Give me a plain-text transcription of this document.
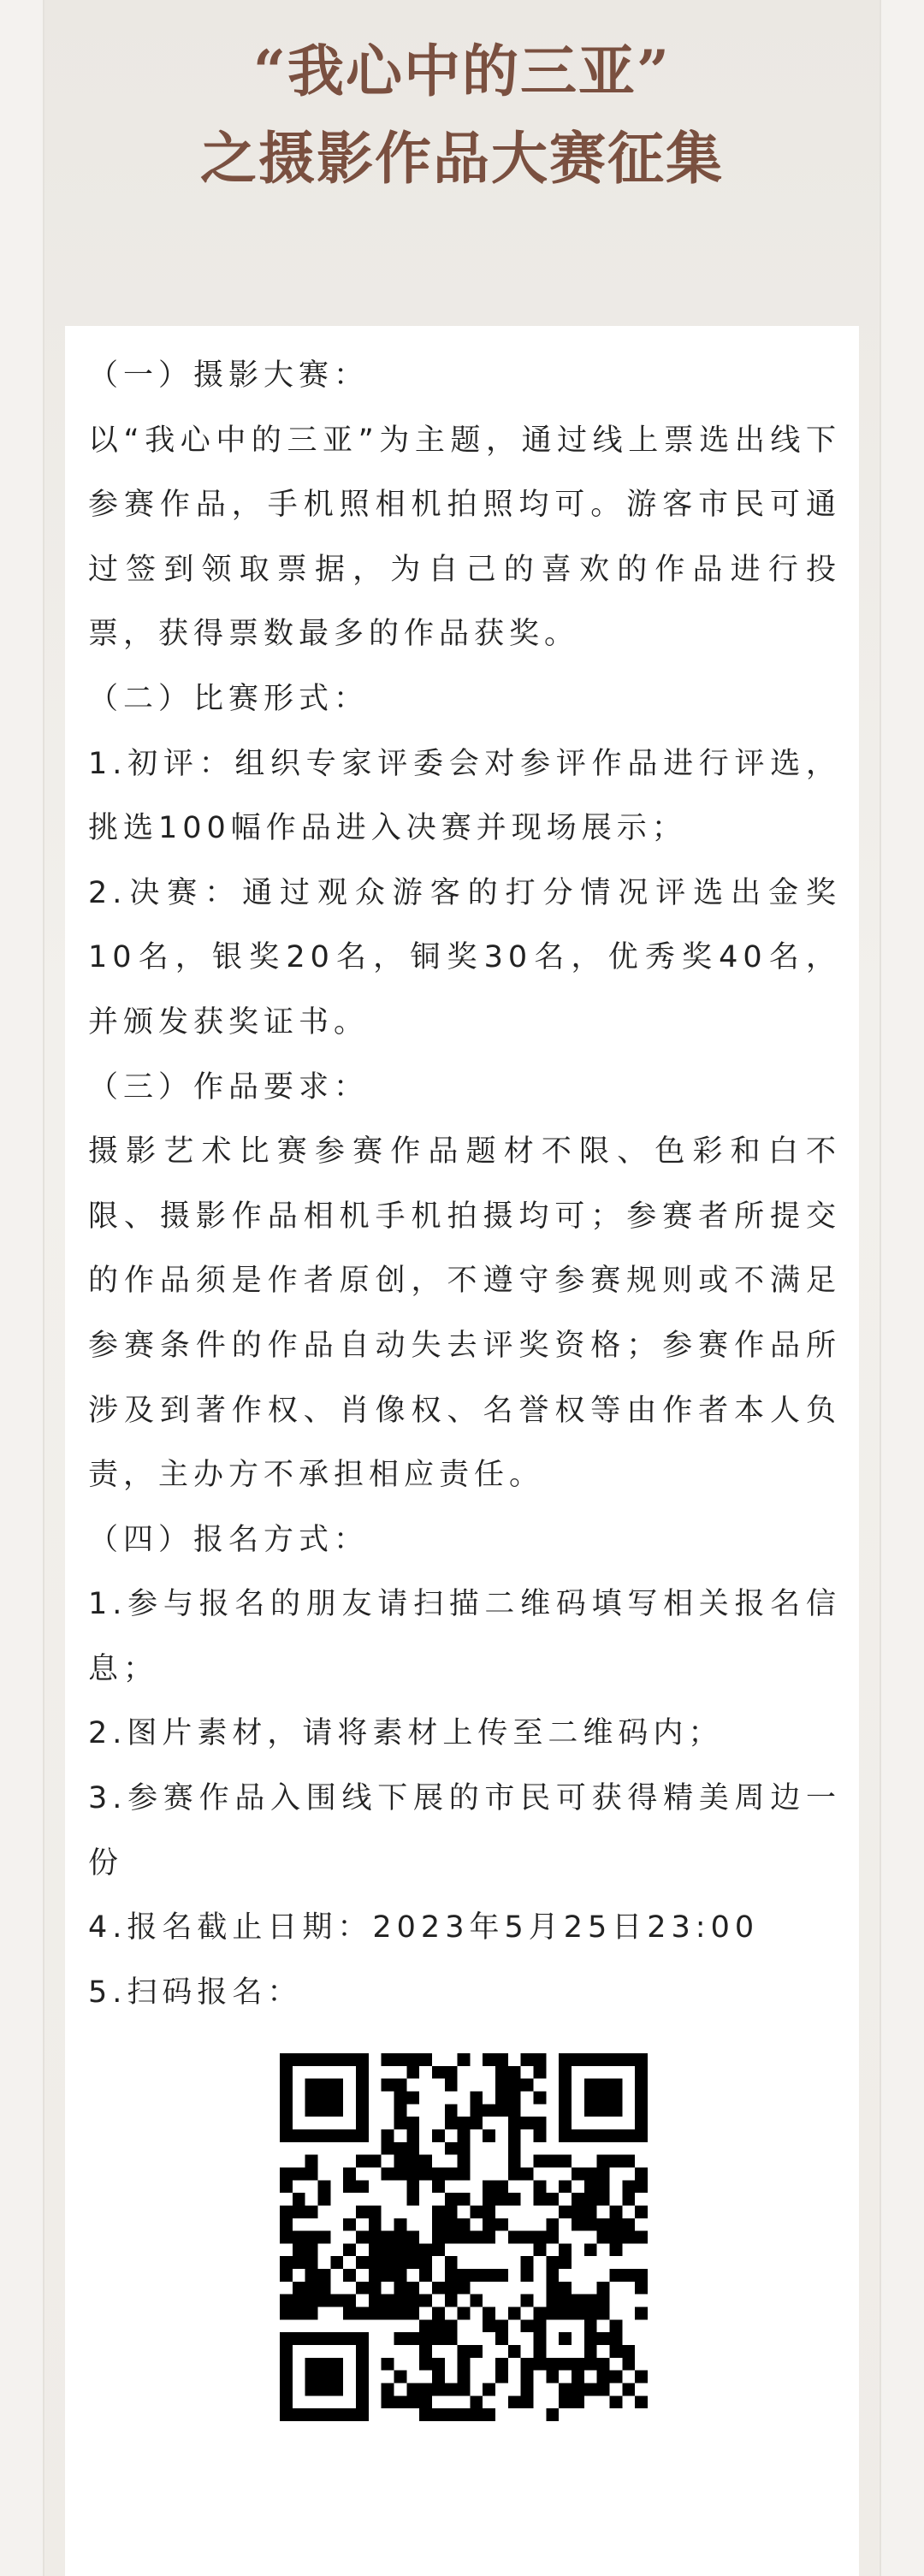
“我心中的三亚”
之摄影作品大赛征集

（一）摄影大赛：

以“我心中的三亚”为主题，通过线上票选出线下参赛作品，手机照相机拍照均可。游客市民可通过签到领取票据，为自己的喜欢的作品进行投票，获得票数最多的作品获奖。

（二）比赛形式：

1.初评：组织专家评委会对参评作品进行评选，挑选100幅作品进入决赛并现场展示；

2.决赛：通过观众游客的打分情况评选出金奖10名，银奖20名，铜奖30名，优秀奖40名，并颁发获奖证书。

（三）作品要求：

摄影艺术比赛参赛作品题材不限、色彩和白不限、摄影作品相机手机拍摄均可；参赛者所提交的作品须是作者原创，不遵守参赛规则或不满足参赛条件的作品自动失去评奖资格；参赛作品所涉及到著作权、肖像权、名誉权等由作者本人负责，主办方不承担相应责任。

（四）报名方式：

1.参与报名的朋友请扫描二维码填写相关报名信息；

2.图片素材，请将素材上传至二维码内；

3.参赛作品入围线下展的市民可获得精美周边一份

4.报名截止日期：2023年5月25日23:00

5.扫码报名：
